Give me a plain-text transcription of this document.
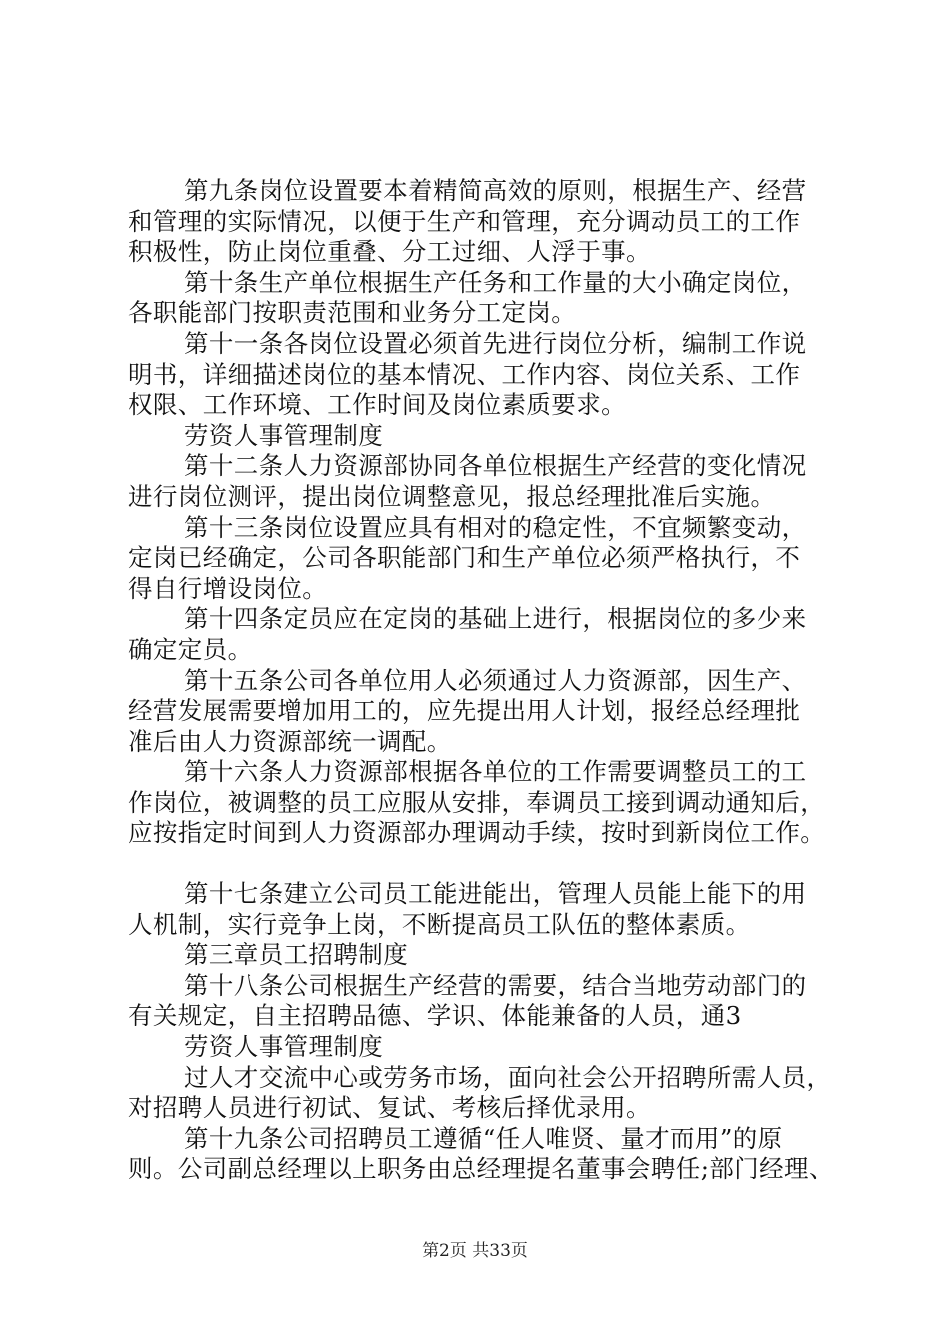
第九条岗位设置要本着精简高效的原则，根据生产、经营
和管理的实际情况，以便于生产和管理，充分调动员工的工作
积极性，防止岗位重叠、分工过细、人浮于事。
第十条生产单位根据生产任务和工作量的大小确定岗位，
各职能部门按职责范围和业务分工定岗。
第十一条各岗位设置必须首先进行岗位分析，编制工作说
明书，详细描述岗位的基本情况、工作内容、岗位关系、工作
权限、工作环境、工作时间及岗位素质要求。
劳资人事管理制度
第十二条人力资源部协同各单位根据生产经营的变化情况
进行岗位测评，提出岗位调整意见，报总经理批准后实施。
第十三条岗位设置应具有相对的稳定性，不宜频繁变动，
定岗已经确定，公司各职能部门和生产单位必须严格执行，不
得自行增设岗位。
第十四条定员应在定岗的基础上进行，根据岗位的多少来
确定定员。
第十五条公司各单位用人必须通过人力资源部，因生产、
经营发展需要增加用工的，应先提出用人计划，报经总经理批
准后由人力资源部统一调配。
第十六条人力资源部根据各单位的工作需要调整员工的工
作岗位，被调整的员工应服从安排，奉调员工接到调动通知后，
应按指定时间到人力资源部办理调动手续，按时到新岗位工作。
第十七条建立公司员工能进能出，管理人员能上能下的用
人机制，实行竞争上岗，不断提高员工队伍的整体素质。
第三章员工招聘制度
第十八条公司根据生产经营的需要，结合当地劳动部门的
有关规定，自主招聘品德、学识、体能兼备的人员，通3
劳资人事管理制度
过人才交流中心或劳务市场，面向社会公开招聘所需人员，
对招聘人员进行初试、复试、考核后择优录用。
第十九条公司招聘员工遵循“任人唯贤、量才而用”的原
则。公司副总经理以上职务由总经理提名董事会聘任;部门经理、
第2页 共33页
